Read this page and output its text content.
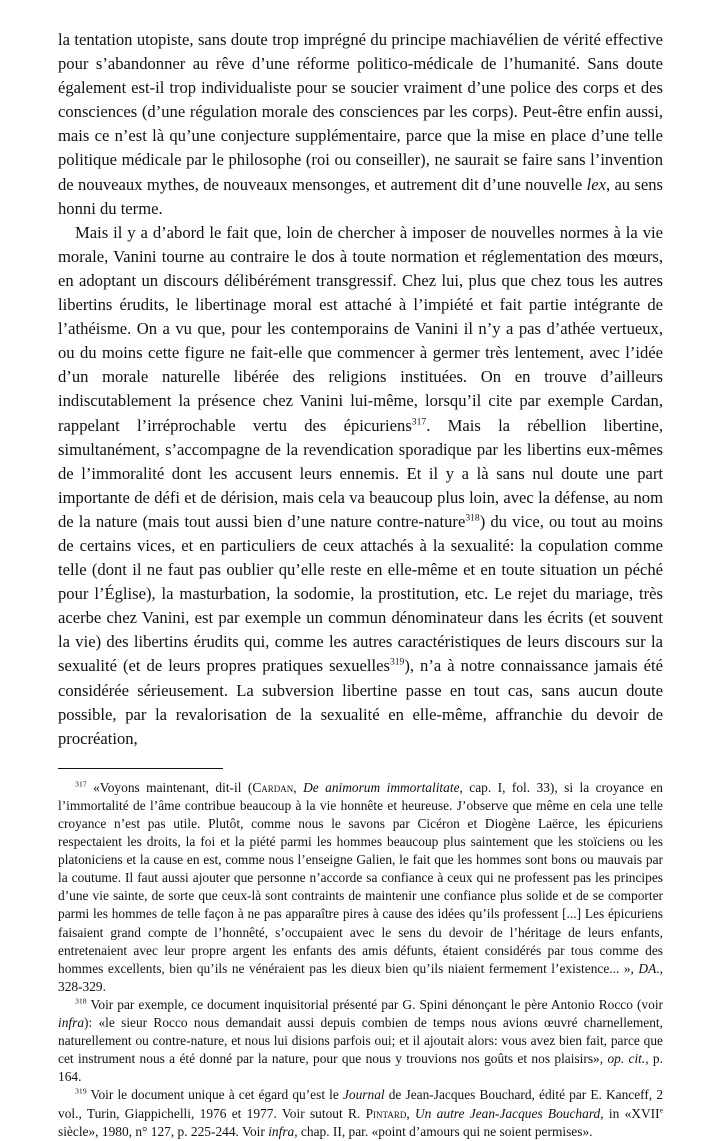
la tentation utopiste, sans doute trop imprégné du principe machiavélien de vérité effective pour s’abandonner au rêve d’une réforme politico-médicale de l’humanité. Sans doute également est-il trop individualiste pour se soucier vraiment d’une police des corps et des consciences (d’une régulation morale des consciences par les corps). Peut-être enfin aussi, mais ce n’est là qu’une conjecture supplémentaire, parce que la mise en place d’une telle politique médicale par le philosophe (roi ou conseiller), ne saurait se faire sans l’invention de nouveaux mythes, de nouveaux mensonges, et autrement dit d’une nouvelle lex, au sens honni du terme.

Mais il y a d’abord le fait que, loin de chercher à imposer de nouvelles normes à la vie morale, Vanini tourne au contraire le dos à toute normation et réglementation des mœurs, en adoptant un discours délibérément transgressif. Chez lui, plus que chez tous les autres libertins érudits, le libertinage moral est attaché à l’impiété et fait partie intégrante de l’athéisme. On a vu que, pour les contemporains de Vanini il n’y a pas d’athée vertueux, ou du moins cette figure ne fait-elle que commencer à germer très lentement, avec l’idée d’un morale naturelle libérée des religions instituées. On en trouve d’ailleurs indiscutablement la présence chez Vanini lui-même, lorsqu’il cite par exemple Cardan, rappelant l’irréprochable vertu des épicuriens$^{317}$. Mais la rébellion libertine, simultanément, s’accompagne de la revendication sporadique par les libertins eux-mêmes de l’immoralité dont les accusent leurs ennemis. Et il y a là sans nul doute une part importante de défi et de dérision, mais cela va beaucoup plus loin, avec la défense, au nom de la nature (mais tout aussi bien d’une nature contre-nature$^{318}$) du vice, ou tout au moins de certains vices, et en particuliers de ceux attachés à la sexualité: la copulation comme telle (dont il ne faut pas oublier qu’elle reste en elle-même et en toute situation un péché pour l’Église), la masturbation, la sodomie, la prostitution, etc. Le rejet du mariage, très acerbe chez Vanini, est par exemple un commun dénominateur dans les écrits (et souvent la vie) des libertins érudits qui, comme les autres caractéristiques de leurs discours sur la sexualité (et de leurs propres pratiques sexuelles$^{319}$), n’a à notre connaissance jamais été considérée sérieusement. La subversion libertine passe en tout cas, sans aucun doute possible, par la revalorisation de la sexualité en elle-même, affranchie du devoir de procréation,

$^{317}$ «Voyons maintenant, dit-il (Cardan, De animorum immortalitate, cap. I, fol. 33), si la croyance en l’immortalité de l’âme contribue beaucoup à la vie honnête et heureuse. J’observe que même en cela une telle croyance n’est pas utile. Plutôt, comme nous le savons par Cicéron et Diogène Laërce, les épicuriens respectaient les droits, la foi et la piété parmi les hommes beaucoup plus saintement que les stoïciens ou les platoniciens et la cause en est, comme nous l’enseigne Galien, le fait que les hommes sont bons ou mauvais par la coutume. Il faut aussi ajouter que personne n’accorde sa confiance à ceux qui ne professent pas les principes d’une vie sainte, de sorte que ceux-là sont contraints de maintenir une confiance plus solide et de se comporter parmi les hommes de telle façon à ne pas apparaître pires à cause des idées qu’ils professent [...] Les épicuriens faisaient grand compte de l’honnêté, s’occupaient avec le sens du devoir de l’héritage de leurs enfants, entretenaient avec leur propre argent les enfants des amis défunts, étaient considérés par tous comme des hommes excellents, bien qu’ils ne vénéraient pas les dieux bien qu’ils niaient fermement l’existence... », DA., 328-329.

$^{318}$ Voir par exemple, ce document inquisitorial présenté par G. Spini dénonçant le père Antonio Rocco (voir infra): «le sieur Rocco nous demandait aussi depuis combien de temps nous avions œuvré charnellement, naturellement ou contre-nature, et nous lui disions parfois oui; et il ajoutait alors: vous avez bien fait, parce que cet instrument nous a été donné par la nature, pour que nous y trouvions nos goûts et nos plaisirs», op. cit., p. 164.

$^{319}$ Voir le document unique à cet égard qu’est le Journal de Jean-Jacques Bouchard, édité par E. Kanceff, 2 vol., Turin, Giappichelli, 1976 et 1977. Voir sutout R. Pintard, Un autre Jean-Jacques Bouchard, in «XVIIe siècle», 1980, n° 127, p. 225-244. Voir infra, chap. II, par. «point d’amours qui ne soient permises».
